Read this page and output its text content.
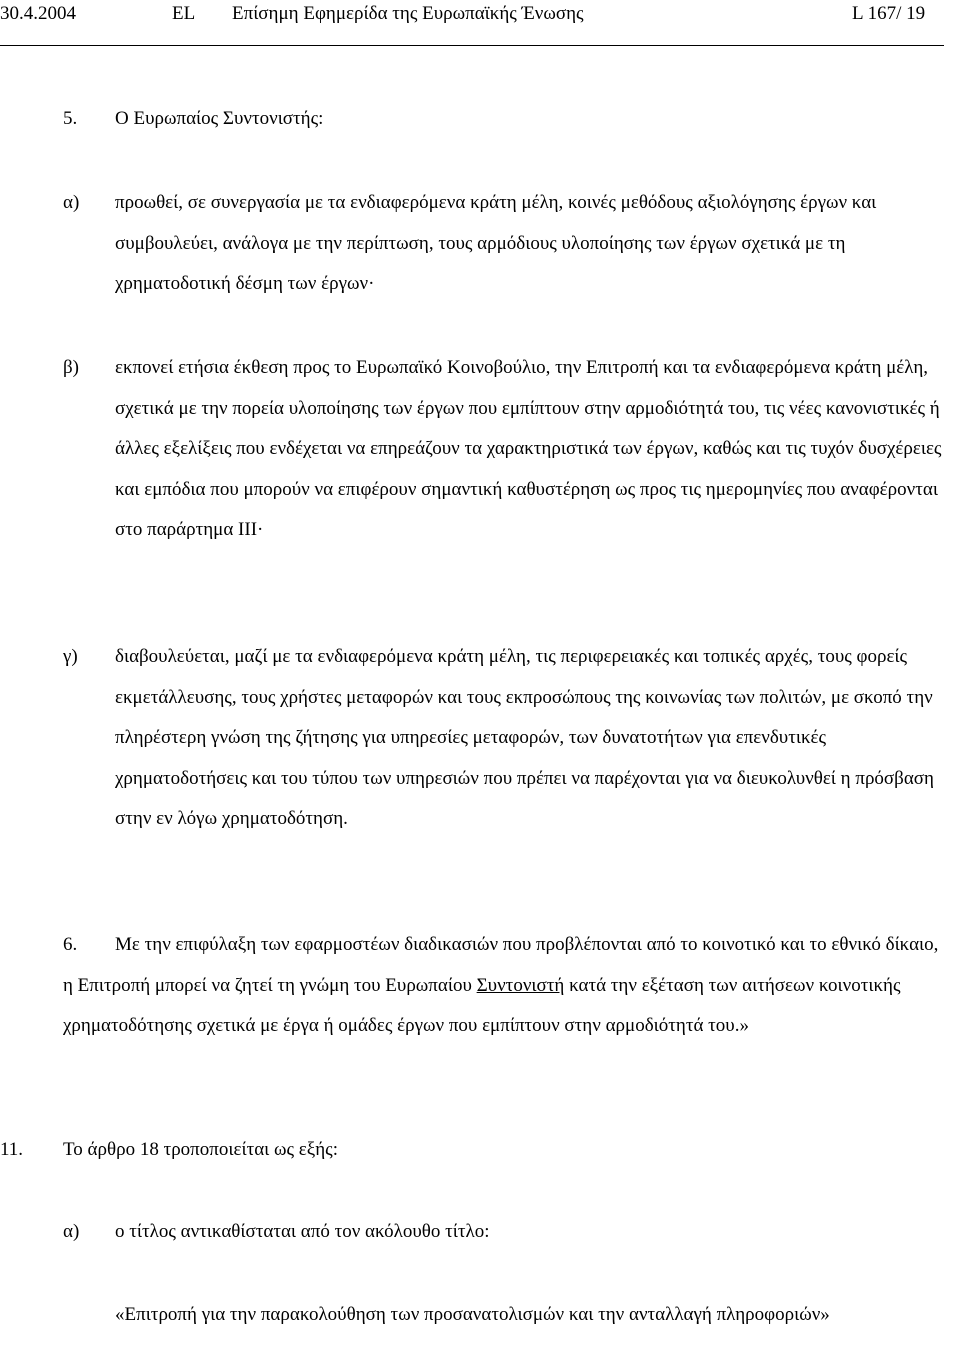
30.4.2004	EL Επίσημη Εφημερίδα της Ευρωπαϊκής Ένωσης	L 167/ 19
5. Ο Ευρωπαίος Συντονιστής:
α) προωθεί, σε συνεργασία με τα ενδιαφερόμενα κράτη μέλη, κοινές μεθόδους αξιολόγησης έργων και συμβουλεύει, ανάλογα με την περίπτωση, τους αρμόδιους υλοποίησης των έργων σχετικά με τη χρηματοδοτική δέσμη των έργων·
β) εκπονεί ετήσια έκθεση προς το Ευρωπαϊκό Κοινοβούλιο, την Επιτροπή και τα ενδιαφερόμενα κράτη μέλη, σχετικά με την πορεία υλοποίησης των έργων που εμπίπτουν στην αρμοδιότητά του, τις νέες κανονιστικές ή άλλες εξελίξεις που ενδέχεται να επηρεάζουν τα χαρακτηριστικά των έργων, καθώς και τις τυχόν δυσχέρειες και εμπόδια που μπορούν να επιφέρουν σημαντική καθυστέρηση ως προς τις ημερομηνίες που αναφέρονται στο παράρτημα III·
γ) διαβουλεύεται, μαζί με τα ενδιαφερόμενα κράτη μέλη, τις περιφερειακές και τοπικές αρχές, τους φορείς εκμετάλλευσης, τους χρήστες μεταφορών και τους εκπροσώπους της κοινωνίας των πολιτών, με σκοπό την πληρέστερη γνώση της ζήτησης για υπηρεσίες μεταφορών, των δυνατοτήτων για επενδυτικές χρηματοδοτήσεις και του τύπου των υπηρεσιών που πρέπει να παρέχονται για να διευκολυνθεί η πρόσβαση στην εν λόγω χρηματοδότηση.
6. Με την επιφύλαξη των εφαρμοστέων διαδικασιών που προβλέπονται από το κοινοτικό και το εθνικό δίκαιο, η Επιτροπή μπορεί να ζητεί τη γνώμη του Ευρωπαίου Συντονιστή κατά την εξέταση των αιτήσεων κοινοτικής χρηματοδότησης σχετικά με έργα ή ομάδες έργων που εμπίπτουν στην αρμοδιότητά του.»
11. Το άρθρο 18 τροποποιείται ως εξής:
α) ο τίτλος αντικαθίσταται από τον ακόλουθο τίτλο:
«Επιτροπή για την παρακολούθηση των προσανατολισμών και την ανταλλαγή πληροφοριών»
